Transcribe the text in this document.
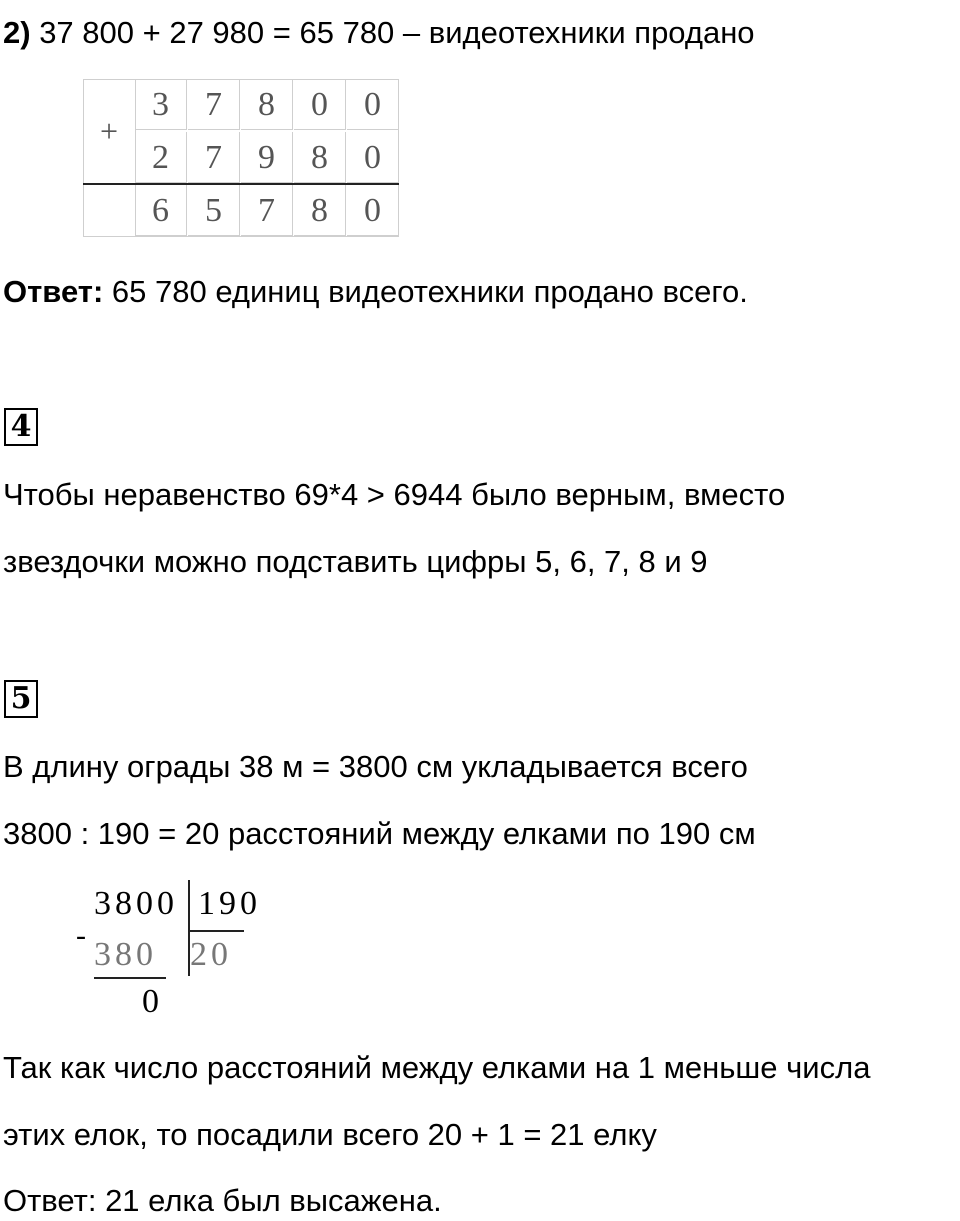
2) 37 800 + 27 980 = 65 780 – видеотехники продано
+
3	7	8	0	0
2	7	9	8	0
6	5	7	8	0
Ответ: 65 780 единиц видеотехники продано всего.
4
Чтобы неравенство 69*4 > 6944 было верным, вместо
звездочки можно подставить цифры 5, 6, 7, 8 и 9
5
В длину ограды 38 м = 3800 см укладывается всего
3800 : 190 = 20 расстояний между елками по 190 см
3800 190
-
380 20
0
Так как число расстояний между елками на 1 меньше числа
этих елок, то посадили всего 20 + 1 = 21 елку
Ответ: 21 елка был высажена.
